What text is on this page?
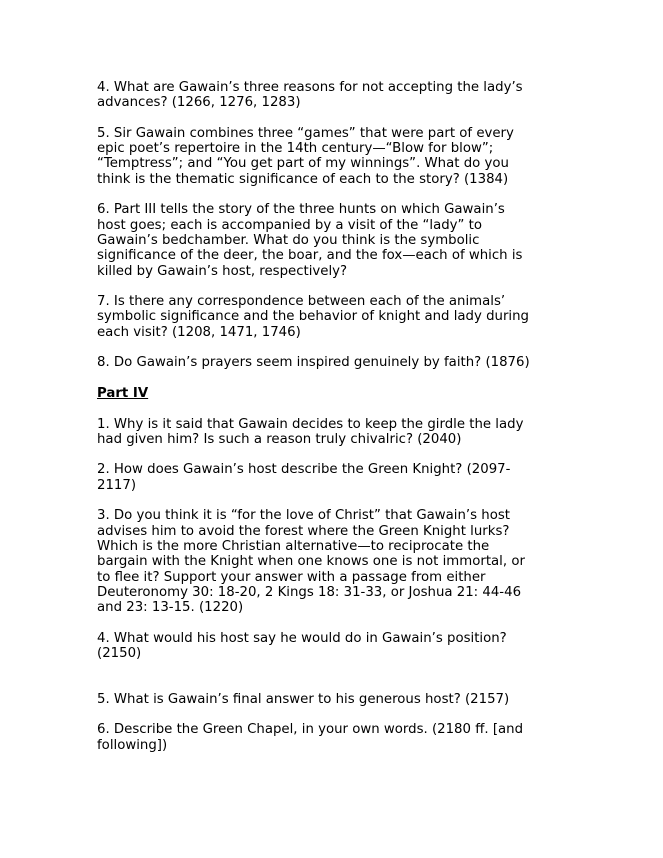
4. What are Gawain’s three reasons for not accepting the lady’s
advances? (1266, 1276, 1283)

5. Sir Gawain combines three “games” that were part of every
epic poet’s repertoire in the 14th century—“Blow for blow”;
“Temptress”; and “You get part of my winnings”. What do you
think is the thematic significance of each to the story? (1384)

6. Part III tells the story of the three hunts on which Gawain’s
host goes; each is accompanied by a visit of the “lady” to
Gawain’s bedchamber. What do you think is the symbolic
significance of the deer, the boar, and the fox—each of which is
killed by Gawain’s host, respectively?

7. Is there any correspondence between each of the animals’
symbolic significance and the behavior of knight and lady during
each visit? (1208, 1471, 1746)

8. Do Gawain’s prayers seem inspired genuinely by faith? (1876)

Part IV

1. Why is it said that Gawain decides to keep the girdle the lady
had given him? Is such a reason truly chivalric? (2040)

2. How does Gawain’s host describe the Green Knight? (2097-
2117)

3. Do you think it is “for the love of Christ” that Gawain’s host
advises him to avoid the forest where the Green Knight lurks?
Which is the more Christian alternative—to reciprocate the
bargain with the Knight when one knows one is not immortal, or
to flee it? Support your answer with a passage from either
Deuteronomy 30: 18-20, 2 Kings 18: 31-33, or Joshua 21: 44-46
and 23: 13-15. (1220)

4. What would his host say he would do in Gawain’s position?
(2150)

5. What is Gawain’s final answer to his generous host? (2157)

6. Describe the Green Chapel, in your own words. (2180 ff. [and
following])
